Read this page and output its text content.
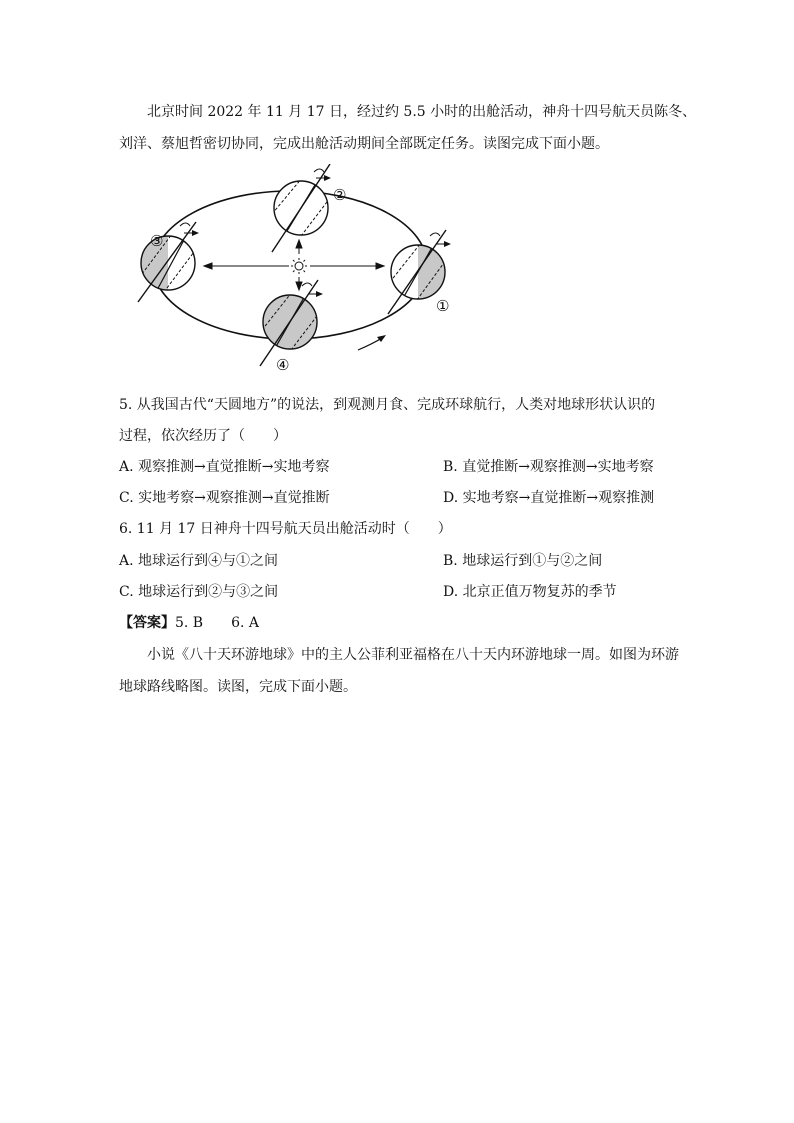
北京时间 2022 年 11 月 17 日，经过约 5.5 小时的出舱活动，神舟十四号航天员陈冬、
刘洋、蔡旭哲密切协同，完成出舱活动期间全部既定任务。读图完成下面小题。
②
③
①
④
5. 从我国古代“天圆地方”的说法，到观测月食、完成环球航行，人类对地球形状认识的
过程，依次经历了（　　）
A. 观察推测→直觉推断→实地考察	B. 直觉推断→观察推测→实地考察
C. 实地考察→观察推测→直觉推断	D. 实地考察→直觉推断→观察推测
6. 11 月 17 日神舟十四号航天员出舱活动时（　　）
A. 地球运行到④与①之间	B. 地球运行到①与②之间
C. 地球运行到②与③之间	D. 北京正值万物复苏的季节
【答案】5. B　　6. A
小说《八十天环游地球》中的主人公菲利亚福格在八十天内环游地球一周。如图为环游
地球路线略图。读图，完成下面小题。
